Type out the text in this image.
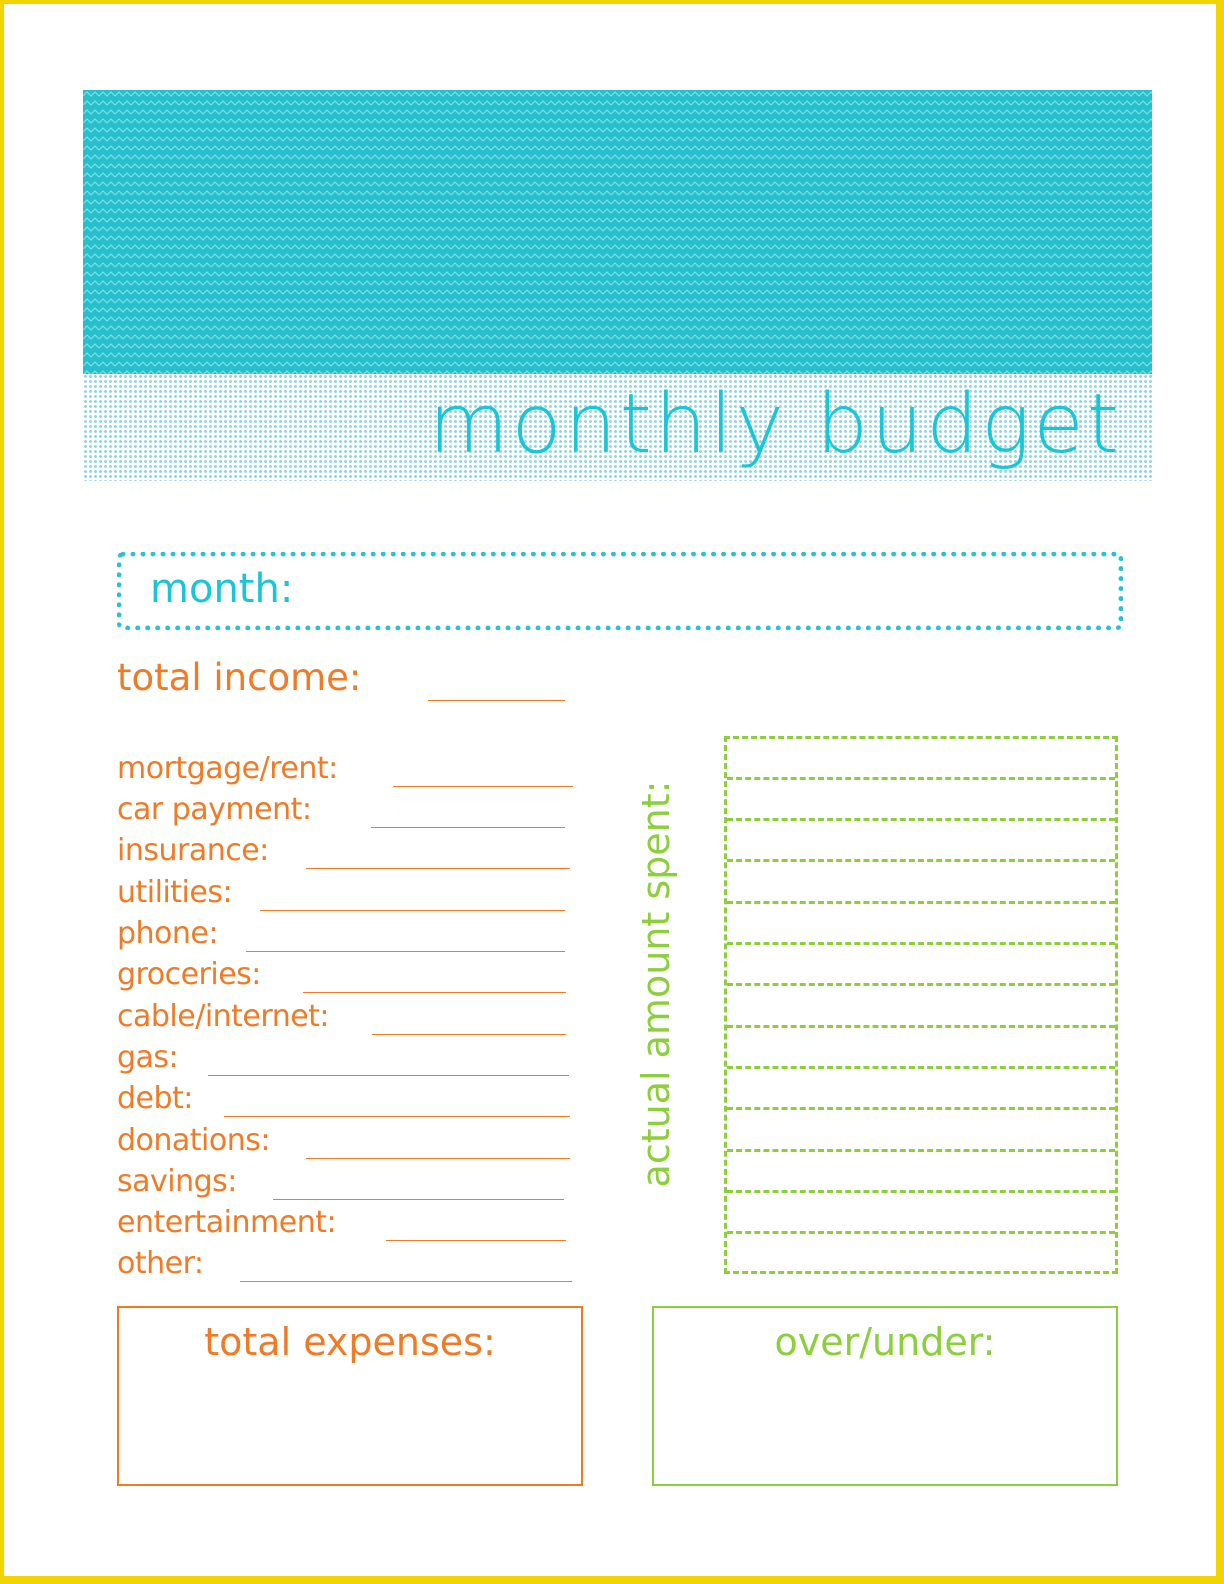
monthly budget

month:

total income:
mortgage/rent:
car payment:
insurance:
utilities:
phone:
groceries:
cable/internet:
gas:
debt:
donations:
savings:
entertainment:
other:
actual amount spent:
total expenses:	over/under:
